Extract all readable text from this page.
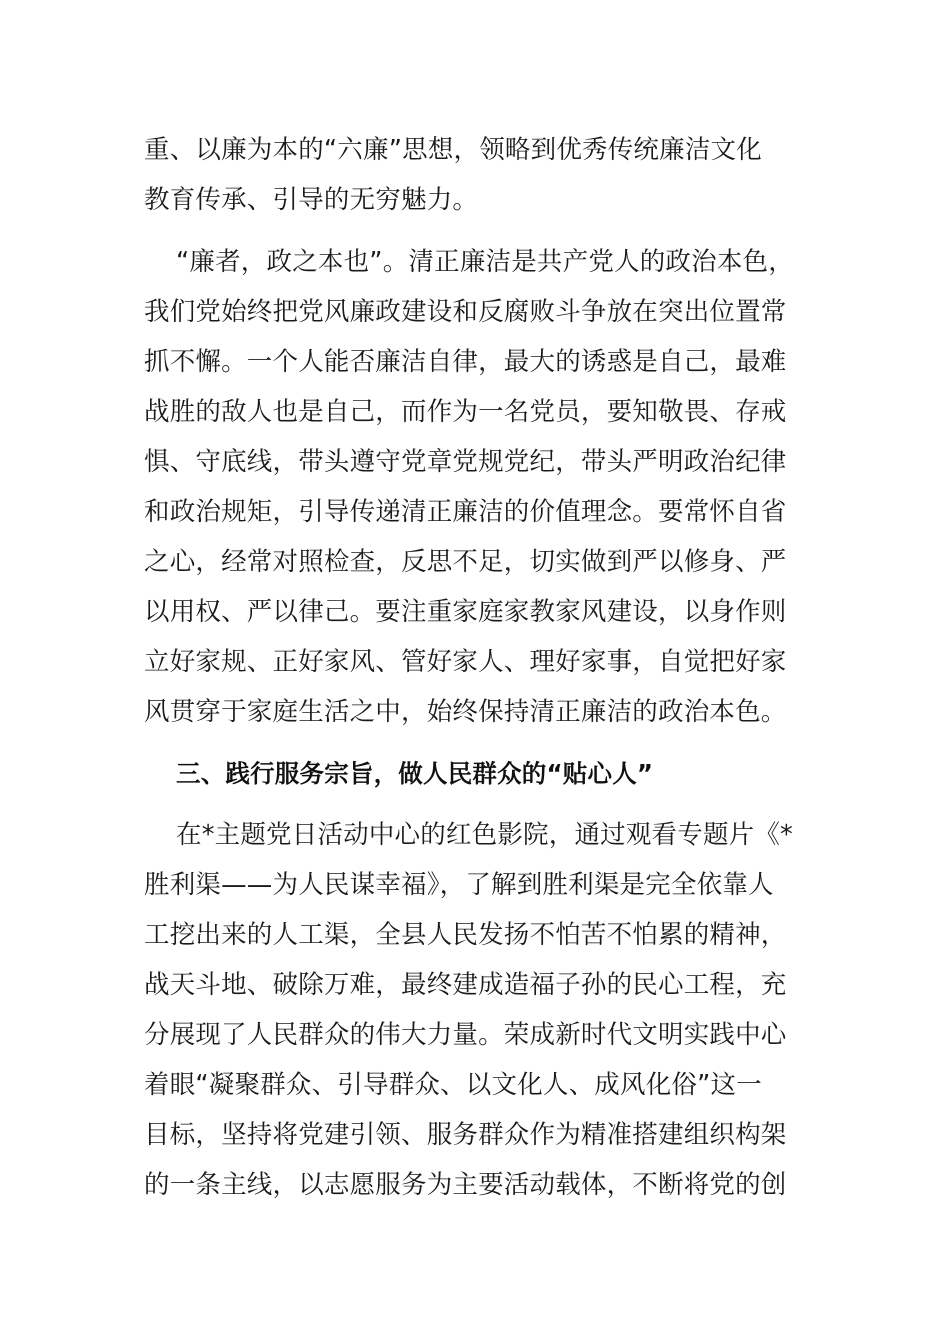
重、以廉为本的“六廉”思想，领略到优秀传统廉洁文化
教育传承、引导的无穷魅力。
“廉者，政之本也”。清正廉洁是共产党人的政治本色，
我们党始终把党风廉政建设和反腐败斗争放在突出位置常
抓不懈。一个人能否廉洁自律，最大的诱惑是自己，最难
战胜的敌人也是自己，而作为一名党员，要知敬畏、存戒
惧、守底线，带头遵守党章党规党纪，带头严明政治纪律
和政治规矩，引导传递清正廉洁的价值理念。要常怀自省
之心，经常对照检查，反思不足，切实做到严以修身、严
以用权、严以律己。要注重家庭家教家风建设，以身作则
立好家规、正好家风、管好家人、理好家事，自觉把好家
风贯穿于家庭生活之中，始终保持清正廉洁的政治本色。
三、践行服务宗旨，做人民群众的“贴心人”
在*主题党日活动中心的红色影院，通过观看专题片《*
胜利渠——为人民谋幸福》，了解到胜利渠是完全依靠人
工挖出来的人工渠，全县人民发扬不怕苦不怕累的精神，
战天斗地、破除万难，最终建成造福子孙的民心工程，充
分展现了人民群众的伟大力量。荣成新时代文明实践中心
着眼“凝聚群众、引导群众、以文化人、成风化俗”这一
目标，坚持将党建引领、服务群众作为精准搭建组织构架
的一条主线，以志愿服务为主要活动载体，不断将党的创
